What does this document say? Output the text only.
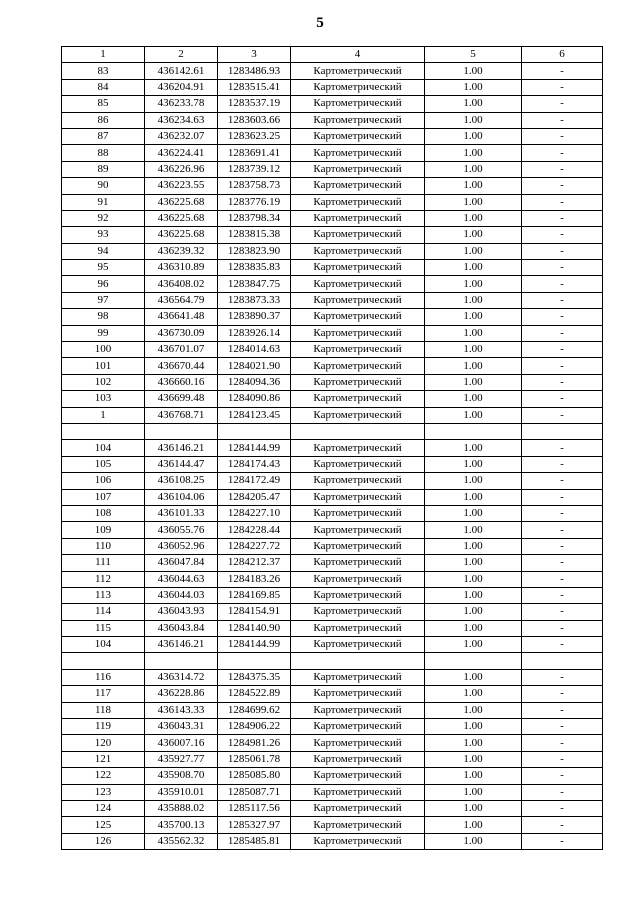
5
1	2	3	4	5	6
83	436142.61	1283486.93	Картометрический	1.00	-
84	436204.91	1283515.41	Картометрический	1.00	-
85	436233.78	1283537.19	Картометрический	1.00	-
86	436234.63	1283603.66	Картометрический	1.00	-
87	436232.07	1283623.25	Картометрический	1.00	-
88	436224.41	1283691.41	Картометрический	1.00	-
89	436226.96	1283739.12	Картометрический	1.00	-
90	436223.55	1283758.73	Картометрический	1.00	-
91	436225.68	1283776.19	Картометрический	1.00	-
92	436225.68	1283798.34	Картометрический	1.00	-
93	436225.68	1283815.38	Картометрический	1.00	-
94	436239.32	1283823.90	Картометрический	1.00	-
95	436310.89	1283835.83	Картометрический	1.00	-
96	436408.02	1283847.75	Картометрический	1.00	-
97	436564.79	1283873.33	Картометрический	1.00	-
98	436641.48	1283890.37	Картометрический	1.00	-
99	436730.09	1283926.14	Картометрический	1.00	-
100	436701.07	1284014.63	Картометрический	1.00	-
101	436670.44	1284021.90	Картометрический	1.00	-
102	436660.16	1284094.36	Картометрический	1.00	-
103	436699.48	1284090.86	Картометрический	1.00	-
1	436768.71	1284123.45	Картометрический	1.00	-

104	436146.21	1284144.99	Картометрический	1.00	-
105	436144.47	1284174.43	Картометрический	1.00	-
106	436108.25	1284172.49	Картометрический	1.00	-
107	436104.06	1284205.47	Картометрический	1.00	-
108	436101.33	1284227.10	Картометрический	1.00	-
109	436055.76	1284228.44	Картометрический	1.00	-
110	436052.96	1284227.72	Картометрический	1.00	-
111	436047.84	1284212.37	Картометрический	1.00	-
112	436044.63	1284183.26	Картометрический	1.00	-
113	436044.03	1284169.85	Картометрический	1.00	-
114	436043.93	1284154.91	Картометрический	1.00	-
115	436043.84	1284140.90	Картометрический	1.00	-
104	436146.21	1284144.99	Картометрический	1.00	-

116	436314.72	1284375.35	Картометрический	1.00	-
117	436228.86	1284522.89	Картометрический	1.00	-
118	436143.33	1284699.62	Картометрический	1.00	-
119	436043.31	1284906.22	Картометрический	1.00	-
120	436007.16	1284981.26	Картометрический	1.00	-
121	435927.77	1285061.78	Картометрический	1.00	-
122	435908.70	1285085.80	Картометрический	1.00	-
123	435910.01	1285087.71	Картометрический	1.00	-
124	435888.02	1285117.56	Картометрический	1.00	-
125	435700.13	1285327.97	Картометрический	1.00	-
126	435562.32	1285485.81	Картометрический	1.00	-
